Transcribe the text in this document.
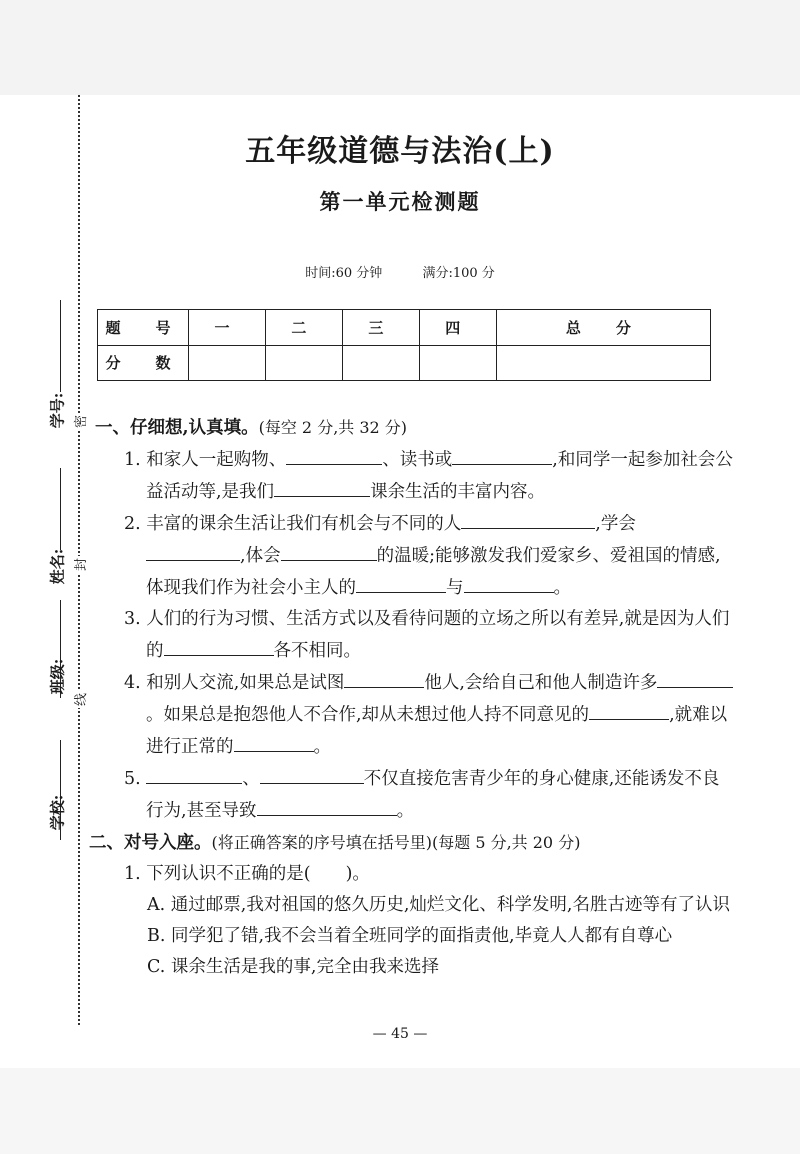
学号:
姓名:
班级:
学校:
密
封
线
五年级道德与法治(上)
第一单元检测题
时间:60 分钟	满分:100 分
题　号	一	二	三	四	总　分
分　数					
一、仔细想,认真填。(每空 2 分,共 32 分)
1. 和家人一起购物、	、读书或	,和同学一起参加社会公益活动等,是我们	课余生活的丰富内容。
2. 丰富的课余生活让我们有机会与不同的人	,学会
,体会	的温暖;能够激发我们爱家乡、爱祖国的情感,体现我们作为社会小主人的	与	。
3. 人们的行为习惯、生活方式以及看待问题的立场之所以有差异,就是因为人们的	各不相同。
4. 和别人交流,如果总是试图	他人,会给自己和他人制造许多。如果总是抱怨他人不合作,却从未想过他人持不同意见的	,就难以进行正常的	。
5.	、	不仅直接危害青少年的身心健康,还能诱发不良行为,甚至导致	。
二、对号入座。(将正确答案的序号填在括号里)(每题 5 分,共 20 分)
1. 下列认识不正确的是(　　)。
A. 通过邮票,我对祖国的悠久历史,灿烂文化、科学发明,名胜古迹等有了认识
B. 同学犯了错,我不会当着全班同学的面指责他,毕竟人人都有自尊心
C. 课余生活是我的事,完全由我来选择
— 45 —
